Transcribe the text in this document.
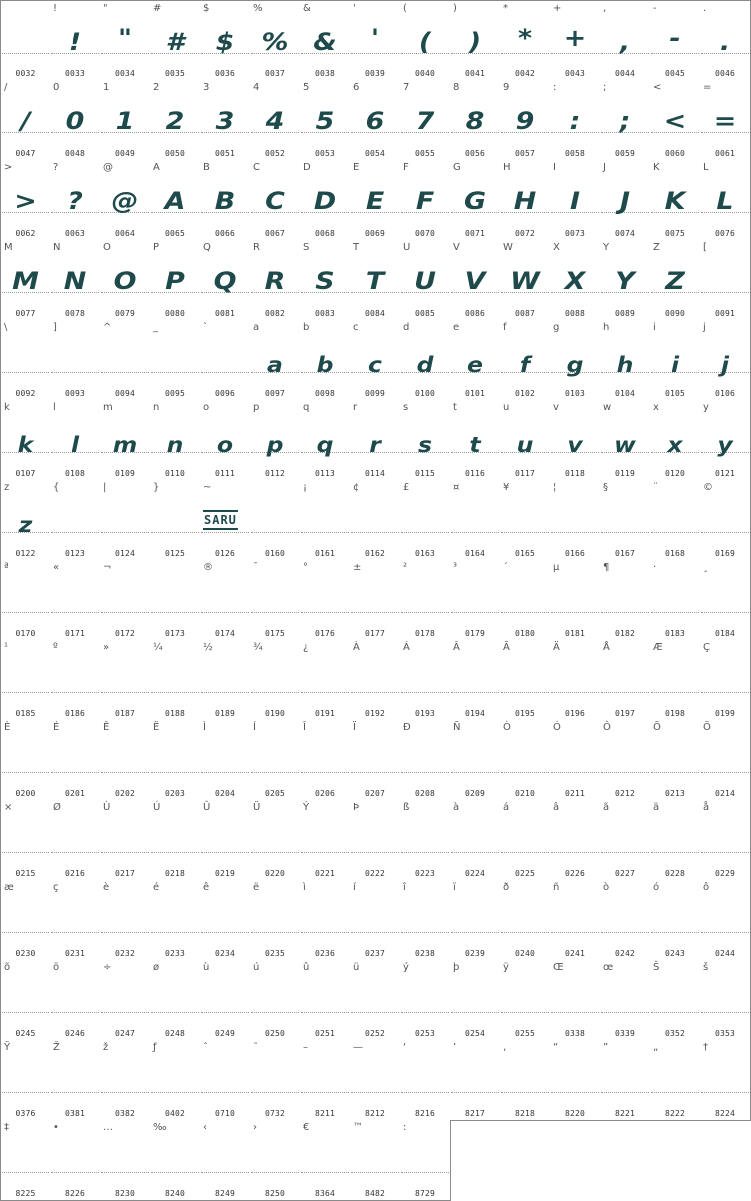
0032
!
!
0033
"
"
0034
#
#
0035
$
$
0036
%
%
0037
&
&
0038
'
'
0039
(
(
0040
)
)
0041
*
*
0042
+
+
0043
,
,
0044
-
-
0045
.
.
0046
/
/
0047
0
0
0048
1
1
0049
2
2
0050
3
3
0051
4
4
0052
5
5
0053
6
6
0054
7
7
0055
8
8
0056
9
9
0057
:
:
0058
;
;
0059
<
<
0060
=
=
0061
>
>
0062
?
?
0063
@
@
0064
A
A
0065
B
B
0066
C
C
0067
D
D
0068
E
E
0069
F
F
0070
G
G
0071
H
H
0072
I
I
0073
J
J
0074
K
K
0075
L
L
0076
M
M
0077
N
N
0078
O
O
0079
P
P
0080
Q
Q
0081
R
R
0082
S
S
0083
T
T
0084
U
U
0085
V
V
0086
W
W
0087
X
X
0088
Y
Y
0089
Z
Z
0090
[
0091
\
0092
]
0093
^
0094
_
0095
`
0096
a
a
0097
b
b
0098
c
c
0099
d
d
0100
e
e
0101
f
f
0102
g
g
0103
h
h
0104
i
i
0105
j
j
0106
k
k
0107
l
l
0108
m
m
0109
n
n
0110
o
o
0111
p
p
0112
q
q
0113
r
r
0114
s
s
0115
t
t
0116
u
u
0117
v
v
0118
w
w
0119
x
x
0120
y
y
0121
z
z
0122
{
0123
|
0124
}
0125
~
SARU
0126	0160
¡
0161
¢
0162
£
0163
¤
0164
¥
0165
¦
0166
§
0167
¨
0168
©
0169
ª
0170
«
0171
¬
0172	0173
®
0174
¯
0175
°
0176
±
0177
²
0178
³
0179
´
0180
µ
0181
¶
0182
·
0183
¸
0184
¹
0185
º
0186
»
0187
¼
0188
½
0189
¾
0190
¿
0191
À
0192
Á
0193
Â
0194
Ã
0195
Ä
0196
Å
0197
Æ
0198
Ç
0199
È
0200
É
0201
Ê
0202
Ë
0203
Ì
0204
Í
0205
Î
0206
Ï
0207
Ð
0208
Ñ
0209
Ò
0210
Ó
0211
Ô
0212
Õ
0213
Ö
0214
×
0215
Ø
0216
Ù
0217
Ú
0218
Û
0219
Ü
0220
Ý
0221
Þ
0222
ß
0223
à
0224
á
0225
â
0226
ã
0227
ä
0228
å
0229
æ
0230
ç
0231
è
0232
é
0233
ê
0234
ë
0235
ì
0236
í
0237
î
0238
ï
0239
ð
0240
ñ
0241
ò
0242
ó
0243
ô
0244
õ
0245
ö
0246
÷
0247
ø
0248
ù
0249
ú
0250
û
0251
ü
0252
ý
0253
þ
0254
ÿ
0255
Œ
0338
œ
0339
Š
0352
š
0353
Ÿ
0376
Ž
0381
ž
0382
ƒ
0402
ˆ
0710
˜
0732
–
8211
—
8212
‘
8216
’
8217
‚
8218
“
8220
”
8221
„
8222
†
8224
‡
8225
•
8226
…
8230
‰
8240
‹
8249
›
8250
€
8364
™
8482
:
8729
